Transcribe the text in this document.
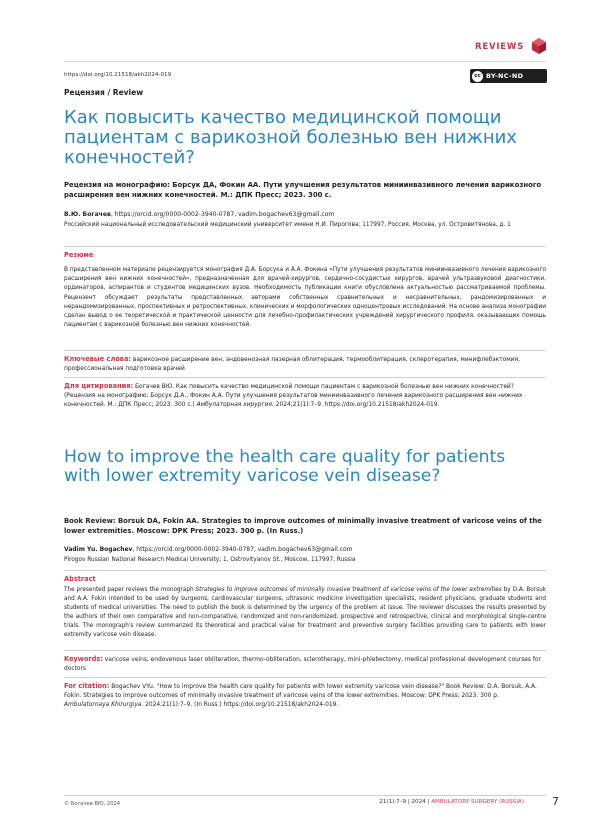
REVIEWS
https://doi.org/10.21518/akh2024-019	cc BY-NC-ND
Рецензия / Review
Как повысить качество медицинской помощи пациентам с варикозной болезнью вен нижних конечностей?
Рецензия на монографию: Борсук ДА, Фокин АА. Пути улучшения результатов миниинвазивного лечения варикозного расширения вен нижних конечностей. М.: ДПК Пресс; 2023. 300 с.
В.Ю. Богачев, https://orcid.org/0000-0002-3940-0787, vadim.bogachev63@gmail.com
Российский национальный исследовательский медицинский университет имени Н.И. Пирогова; 117997, Россия, Москва, ул. Островитянова, д. 1
Резюме
В представленном материале рецензируется монография Д.А. Борсука и А.А. Фокина «Пути улучшения результатов миниинвазивного лечения варикозного расширения вен нижних конечностей», предназначенная для врачей-хирургов, сердечно-сосудистых хирургов, врачей ультразвуковой диагностики, ординаторов, аспирантов и студентов медицинских вузов. Необходимость публикации книги обусловлена актуальностью рассматриваемой проблемы. Рецензент обсуждает результаты представленных авторами собственных сравнительных и несравнительных, рандомизированных и нерандомизированных, проспективных и ретроспективных, клинических и морфологических одноцентровых исследований. На основе анализа монографии сделан вывод о ее теоретической и практической ценности для лечебно-профилактических учреждений хирургического профиля, оказывающих помощь пациентам с варикозной болезнью вен нижних конечностей.
Ключевые слова: варикозное расширение вен, эндовенозная лазерная облитерация, термооблитерация, склеротерапия, минифлебэктомия, профессиональная подготовка врачей
Для цитирования: Богачев ВЮ. Как повысить качество медицинской помощи пациентам с варикозной болезнью вен нижних конечностей? (Рецензия на монографию: Борсук Д.А., Фокин А.А. Пути улучшения результатов миниинвазивного лечения варикозного расширения вен нижних конечностей. М.: ДПК Пресс; 2023. 300 с.) Амбулаторная хирургия. 2024;21(1):7–9. https://doi.org/10.21518/akh2024-019.
How to improve the health care quality for patients with lower extremity varicose vein disease?
Book Review: Borsuk DA, Fokin AA. Strategies to improve outcomes of minimally invasive treatment of varicose veins of the lower extremities. Moscow: DPK Press; 2023. 300 p. (In Russ.)
Vadim Yu. Bogachev, https://orcid.org/0000-0002-3940-0787, vadim.bogachev63@gmail.com
Pirogov Russian National Research Medical University; 1, Ostrovityanov St., Moscow, 117997, Russia
Abstract
The presented paper reviews the monograph Strategies to improve outcomes of minimally invasive treatment of varicose veins of the lower extremities by D.A. Borsuk and A.A. Fokin intended to be used by surgeons, cardiovascular surgeons, ultrasonic medicine investigation specialists, resident physicians, graduate students and students of medical universities. The need to publish the book is determined by the urgency of the problem at issue. The reviewer discusses the results presented by the authors of their own comparative and non-comparative, randomized and non-randomized, prospective and retrospective, clinical and morphological single-centre trials. The monograph's review summarized its theoretical and practical value for treatment and preventive surgery facilities providing care to patients with lower extremity varicose vein disease.
Keywords: varicose veins, endovenous laser obliteration, thermo-obliteration, sclerotherapy, mini-phlebectomy, medical professional development courses for doctors
For citation: Bogachev VYu. "How to improve the health care quality for patients with lower extremity varicose vein disease?" Book Review: D.A. Borsuk, A.A. Fokin. Strategies to improve outcomes of minimally invasive treatment of varicose veins of the lower extremities. Moscow: DPK Press; 2023. 300 p. Ambulatornaya Khirurgiya. 2024;21(1):7–9. (In Russ.) https://doi.org/10.21518/akh2024-019.
© Богачев ВЮ, 2024	21(1):7–9 | 2024 | AMBULATORY SURGERY (RUSSIA)	7
